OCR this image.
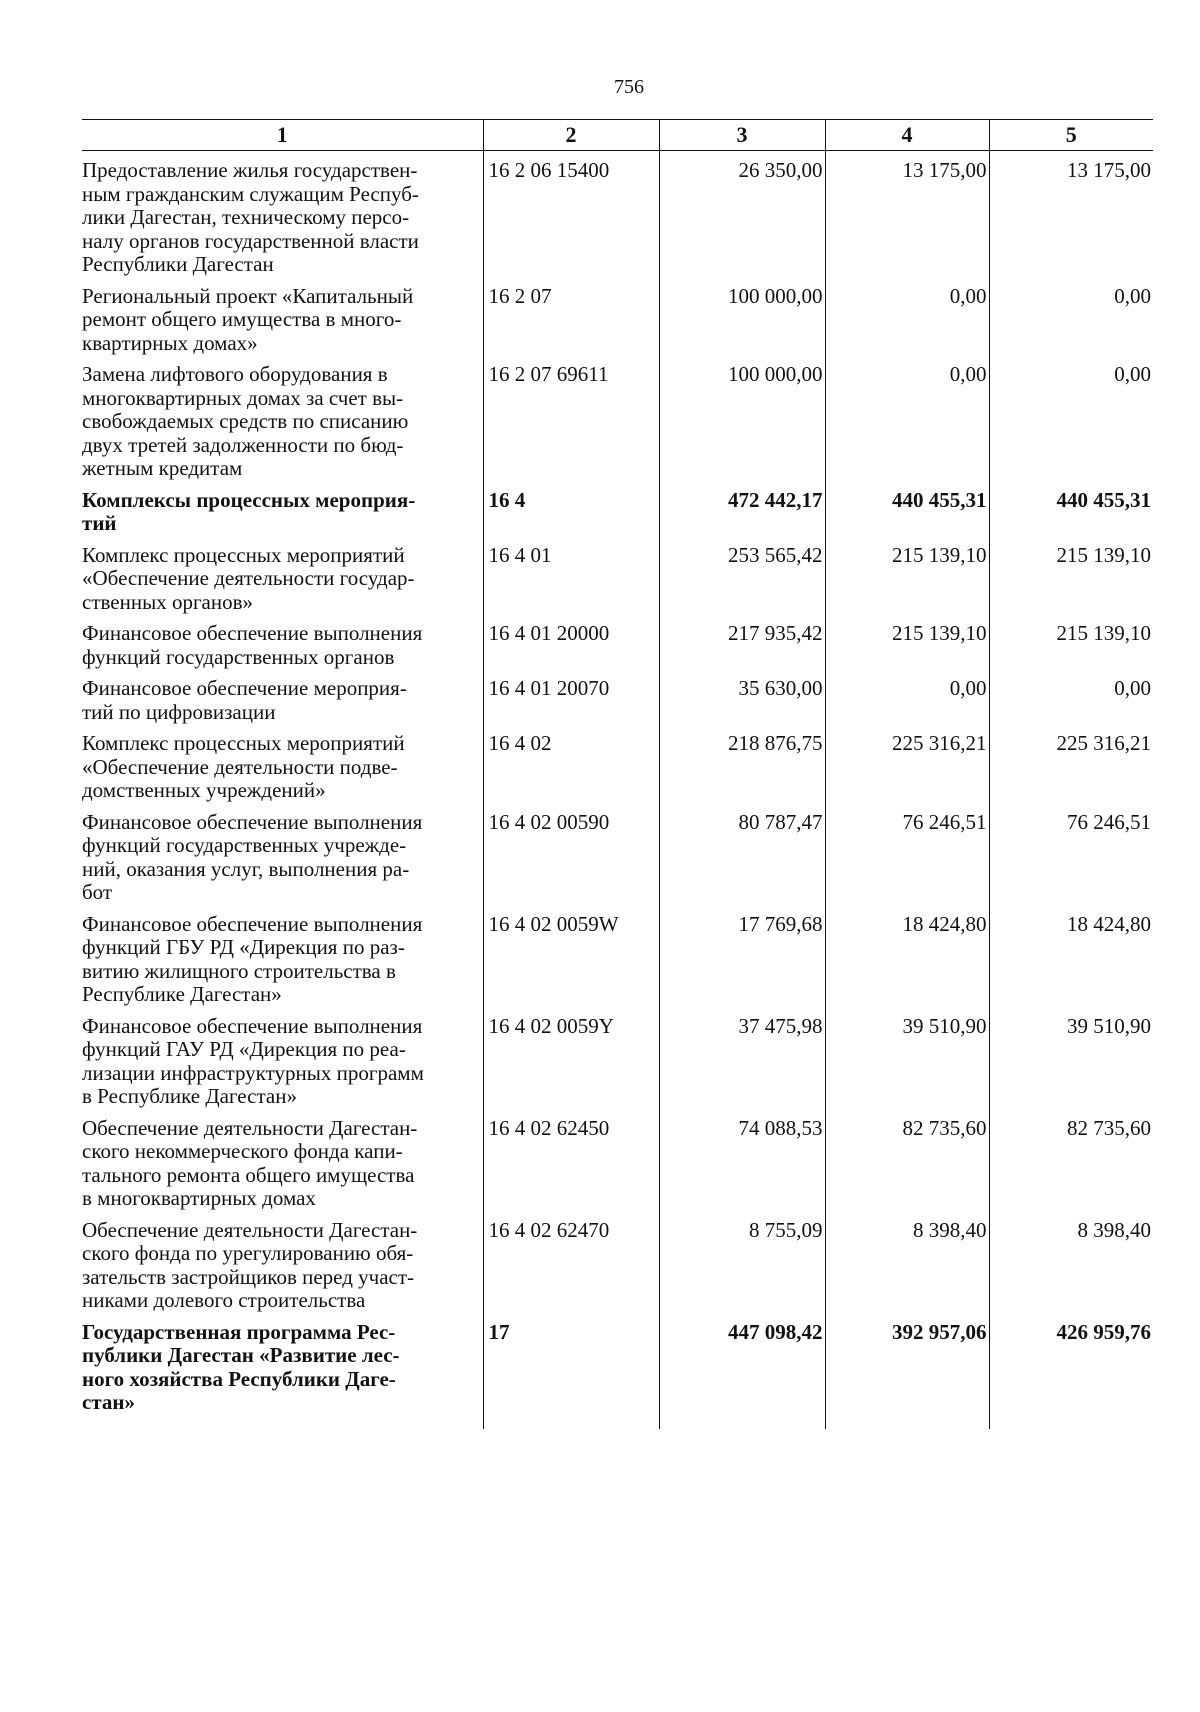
756
1	2	3	4	5
Предоставление жилья государствен-
ным гражданским служащим Респуб-
лики Дагестан, техническому персо-
налу органов государственной власти
Республики Дагестан	16 2 06 15400	26 350,00	13 175,00	13 175,00
Региональный проект «Капитальный
ремонт общего имущества в много-
квартирных домах»	16 2 07	100 000,00	0,00	0,00
Замена лифтового оборудования в
многоквартирных домах за счет вы-
свобождаемых средств по списанию
двух третей задолженности по бюд-
жетным кредитам	16 2 07 69611	100 000,00	0,00	0,00
Комплексы процессных мероприя-
тий	16 4	472 442,17	440 455,31	440 455,31
Комплекс процессных мероприятий
«Обеспечение деятельности государ-
ственных органов»	16 4 01	253 565,42	215 139,10	215 139,10
Финансовое обеспечение выполнения
функций государственных органов	16 4 01 20000	217 935,42	215 139,10	215 139,10
Финансовое обеспечение мероприя-
тий по цифровизации	16 4 01 20070	35 630,00	0,00	0,00
Комплекс процессных мероприятий
«Обеспечение деятельности подве-
домственных учреждений»	16 4 02	218 876,75	225 316,21	225 316,21
Финансовое обеспечение выполнения
функций государственных учрежде-
ний, оказания услуг, выполнения ра-
бот	16 4 02 00590	80 787,47	76 246,51	76 246,51
Финансовое обеспечение выполнения
функций ГБУ РД «Дирекция по раз-
витию жилищного строительства в
Республике Дагестан»	16 4 02 0059W	17 769,68	18 424,80	18 424,80
Финансовое обеспечение выполнения
функций ГАУ РД «Дирекция по реа-
лизации инфраструктурных программ
в Республике Дагестан»	16 4 02 0059Y	37 475,98	39 510,90	39 510,90
Обеспечение деятельности Дагестан-
ского некоммерческого фонда капи-
тального ремонта общего имущества
в многоквартирных домах	16 4 02 62450	74 088,53	82 735,60	82 735,60
Обеспечение деятельности Дагестан-
ского фонда по урегулированию обя-
зательств застройщиков перед участ-
никами долевого строительства	16 4 02 62470	8 755,09	8 398,40	8 398,40
Государственная программа Рес-
публики Дагестан «Развитие лес-
ного хозяйства Республики Даге-
стан»	17	447 098,42	392 957,06	426 959,76
